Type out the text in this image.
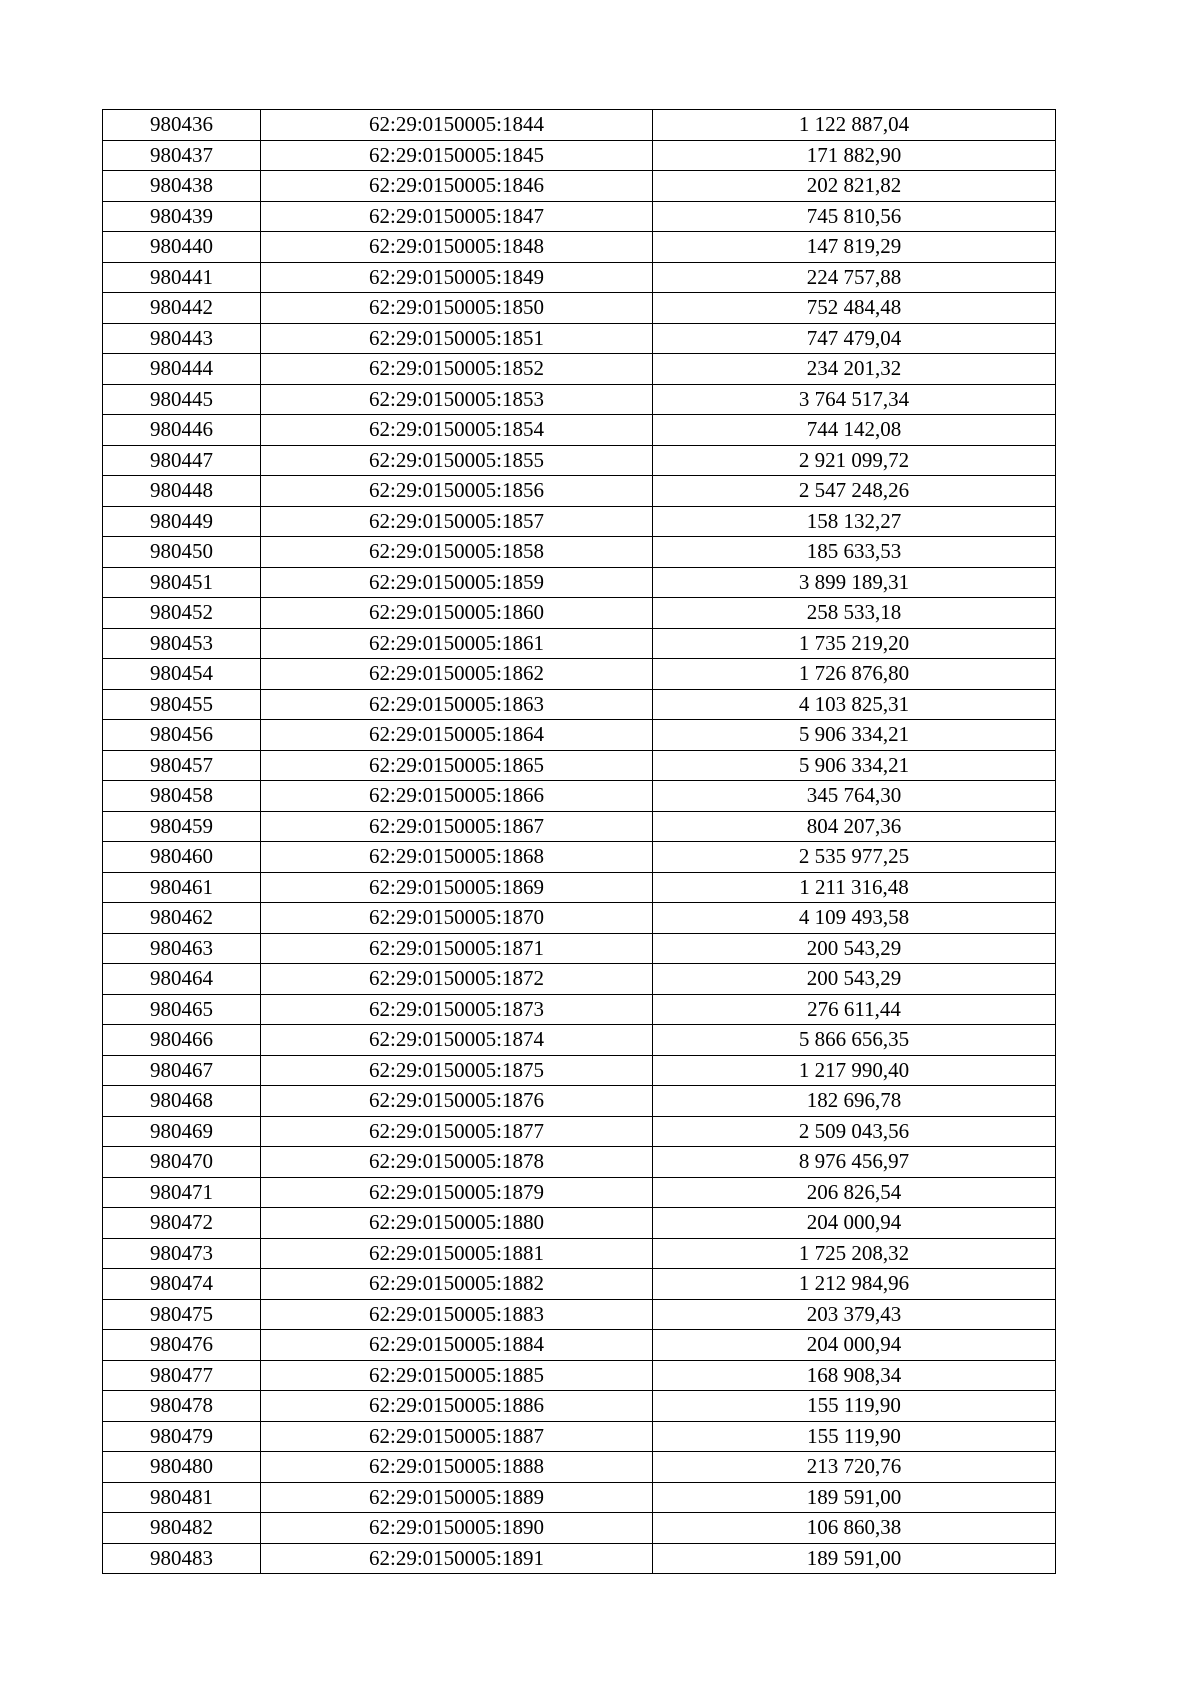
980436	62:29:0150005:1844	1 122 887,04
980437	62:29:0150005:1845	171 882,90
980438	62:29:0150005:1846	202 821,82
980439	62:29:0150005:1847	745 810,56
980440	62:29:0150005:1848	147 819,29
980441	62:29:0150005:1849	224 757,88
980442	62:29:0150005:1850	752 484,48
980443	62:29:0150005:1851	747 479,04
980444	62:29:0150005:1852	234 201,32
980445	62:29:0150005:1853	3 764 517,34
980446	62:29:0150005:1854	744 142,08
980447	62:29:0150005:1855	2 921 099,72
980448	62:29:0150005:1856	2 547 248,26
980449	62:29:0150005:1857	158 132,27
980450	62:29:0150005:1858	185 633,53
980451	62:29:0150005:1859	3 899 189,31
980452	62:29:0150005:1860	258 533,18
980453	62:29:0150005:1861	1 735 219,20
980454	62:29:0150005:1862	1 726 876,80
980455	62:29:0150005:1863	4 103 825,31
980456	62:29:0150005:1864	5 906 334,21
980457	62:29:0150005:1865	5 906 334,21
980458	62:29:0150005:1866	345 764,30
980459	62:29:0150005:1867	804 207,36
980460	62:29:0150005:1868	2 535 977,25
980461	62:29:0150005:1869	1 211 316,48
980462	62:29:0150005:1870	4 109 493,58
980463	62:29:0150005:1871	200 543,29
980464	62:29:0150005:1872	200 543,29
980465	62:29:0150005:1873	276 611,44
980466	62:29:0150005:1874	5 866 656,35
980467	62:29:0150005:1875	1 217 990,40
980468	62:29:0150005:1876	182 696,78
980469	62:29:0150005:1877	2 509 043,56
980470	62:29:0150005:1878	8 976 456,97
980471	62:29:0150005:1879	206 826,54
980472	62:29:0150005:1880	204 000,94
980473	62:29:0150005:1881	1 725 208,32
980474	62:29:0150005:1882	1 212 984,96
980475	62:29:0150005:1883	203 379,43
980476	62:29:0150005:1884	204 000,94
980477	62:29:0150005:1885	168 908,34
980478	62:29:0150005:1886	155 119,90
980479	62:29:0150005:1887	155 119,90
980480	62:29:0150005:1888	213 720,76
980481	62:29:0150005:1889	189 591,00
980482	62:29:0150005:1890	106 860,38
980483	62:29:0150005:1891	189 591,00
